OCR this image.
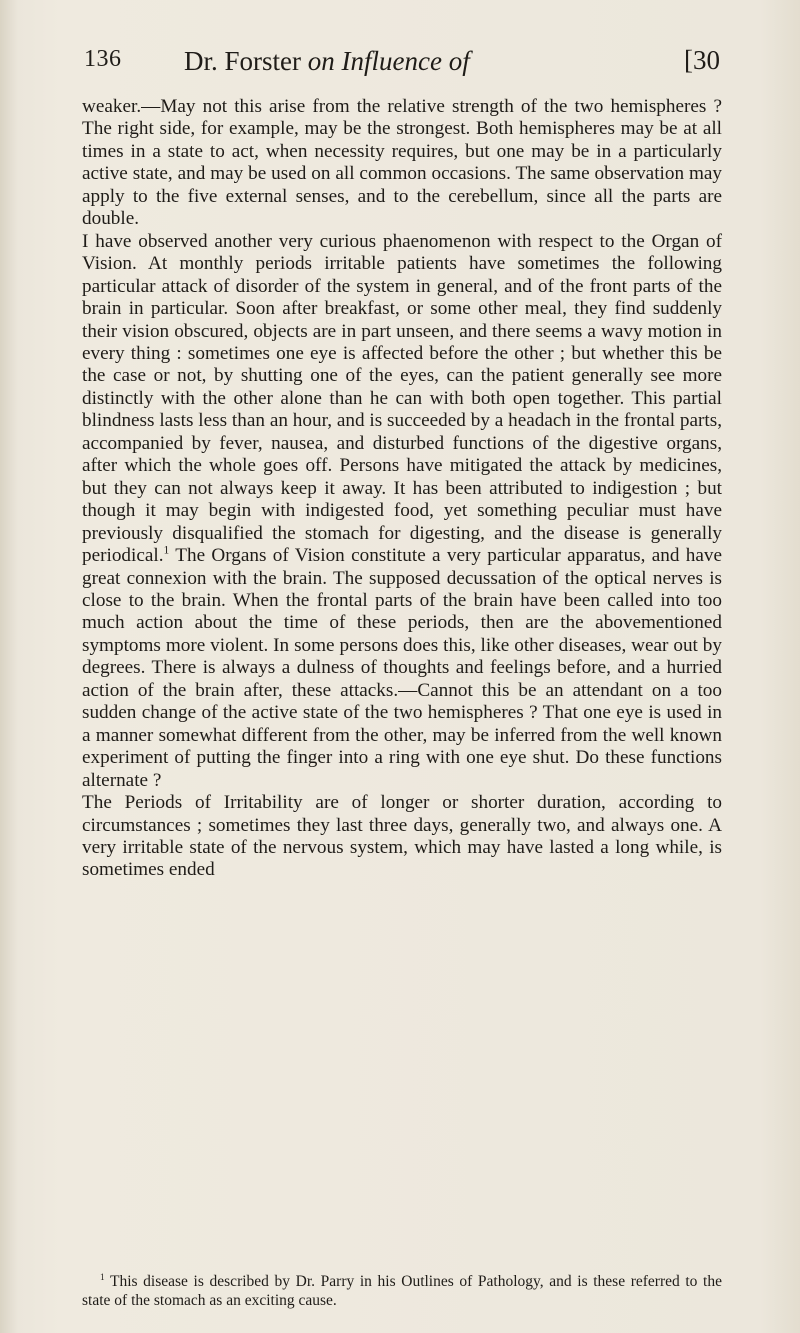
136 Dr. Forster on Influence of	[30

weaker.—May not this arise from the relative strength of the two hemispheres ? The right side, for example, may be the strongest. Both hemispheres may be at all times in a state to act, when necessity requires, but one may be in a particularly active state, and may be used on all common occasions. The same observation may apply to the five external senses, and to the cerebellum, since all the parts are double.

I have observed another very curious phaenomenon with respect to the Organ of Vision. At monthly periods irritable patients have sometimes the following particular attack of disorder of the system in general, and of the front parts of the brain in particular. Soon after breakfast, or some other meal, they find suddenly their vision obscured, objects are in part unseen, and there seems a wavy motion in every thing : sometimes one eye is affected before the other ; but whether this be the case or not, by shutting one of the eyes, can the patient generally see more distinctly with the other alone than he can with both open together. This partial blindness lasts less than an hour, and is succeeded by a headach in the frontal parts, accompanied by fever, nausea, and disturbed functions of the digestive organs, after which the whole goes off. Persons have mitigated the attack by medicines, but they can not always keep it away. It has been attributed to indigestion ; but though it may begin with indigested food, yet something peculiar must have previously disqualified the stomach for digesting, and the disease is generally periodical.$^1$ The Organs of Vision constitute a very particular apparatus, and have great connexion with the brain. The supposed decussation of the optical nerves is close to the brain. When the frontal parts of the brain have been called into too much action about the time of these periods, then are the abovementioned symptoms more violent. In some persons does this, like other diseases, wear out by degrees. There is always a dulness of thoughts and feelings before, and a hurried action of the brain after, these attacks.—Cannot this be an attendant on a too sudden change of the active state of the two hemispheres ? That one eye is used in a manner somewhat different from the other, may be inferred from the well known experiment of putting the finger into a ring with one eye shut. Do these functions alternate ?

The Periods of Irritability are of longer or shorter duration, according to circumstances ; sometimes they last three days, generally two, and always one. A very irritable state of the nervous system, which may have lasted a long while, is sometimes ended

$^1$ This disease is described by Dr. Parry in his Outlines of Pathology, and is these referred to the state of the stomach as an exciting cause.
